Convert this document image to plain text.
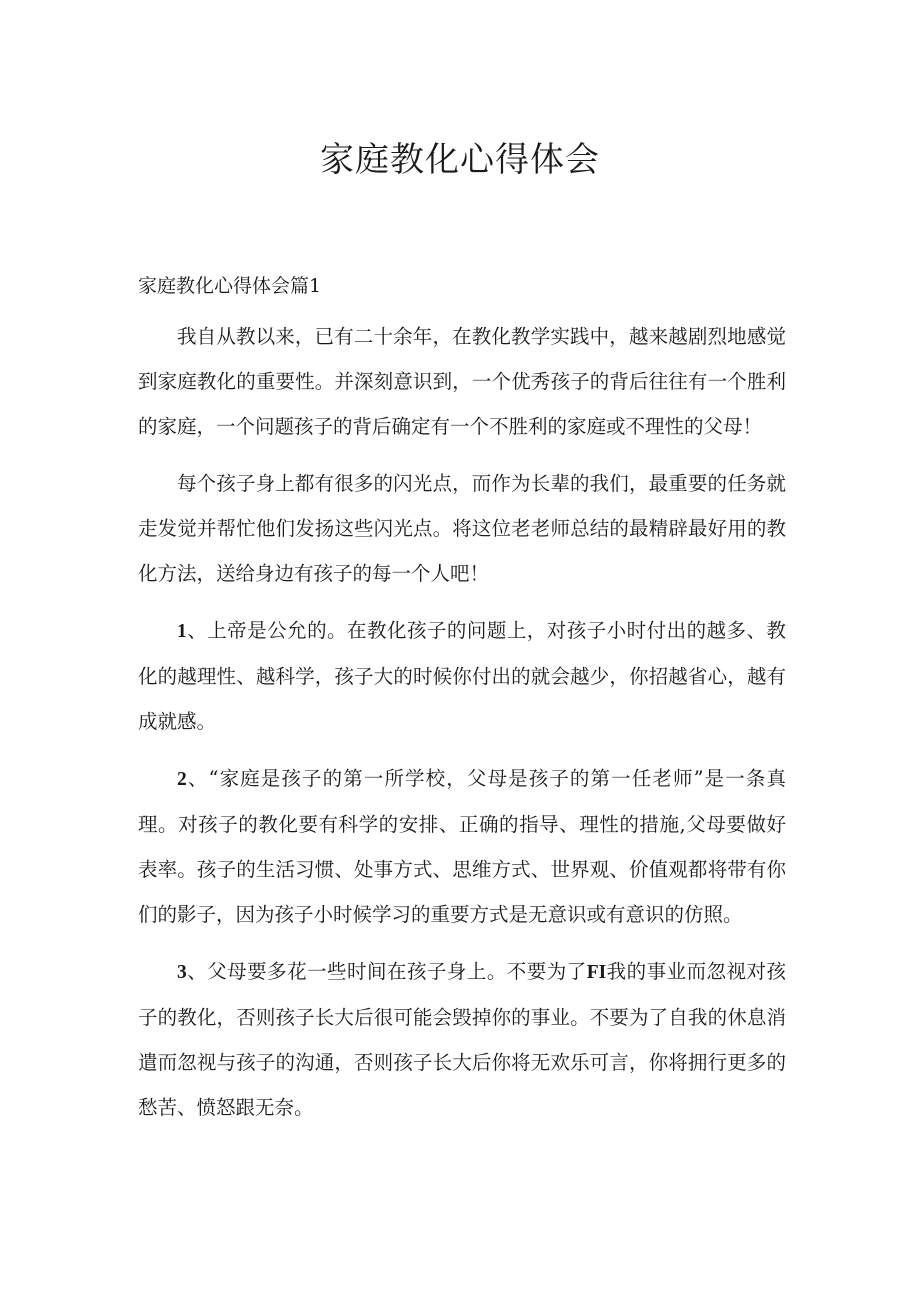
家庭教化心得体会
家庭教化心得体会篇1

我自从教以来，已有二十余年，在教化教学实践中，越来越剧烈地感觉到家庭教化的重要性。并深刻意识到，一个优秀孩子的背后往往有一个胜利的家庭，一个问题孩子的背后确定有一个不胜利的家庭或不理性的父母！

每个孩子身上都有很多的闪光点，而作为长辈的我们，最重要的任务就走发觉并帮忙他们发扬这些闪光点。将这位老老师总结的最精辟最好用的教化方法，送给身边有孩子的每一个人吧！

1、上帝是公允的。在教化孩子的问题上，对孩子小时付出的越多、教化的越理性、越科学，孩子大的时候你付出的就会越少，你招越省心，越有成就感。

2、“家庭是孩子的第一所学校，父母是孩子的第一任老师”是一条真理。对孩子的教化要有科学的安排、正确的指导、理性的措施,父母要做好表率。孩子的生活习惯、处事方式、思维方式、世界观、价值观都将带有你们的影子，因为孩子小时候学习的重要方式是无意识或有意识的仿照。

3、父母要多花一些时间在孩子身上。不要为了FI我的事业而忽视对孩子的教化，否则孩子长大后很可能会毁掉你的事业。不要为了自我的休息消遣而忽视与孩子的沟通，否则孩子长大后你将无欢乐可言，你将拥行更多的愁苦、愤怒跟无奈。
